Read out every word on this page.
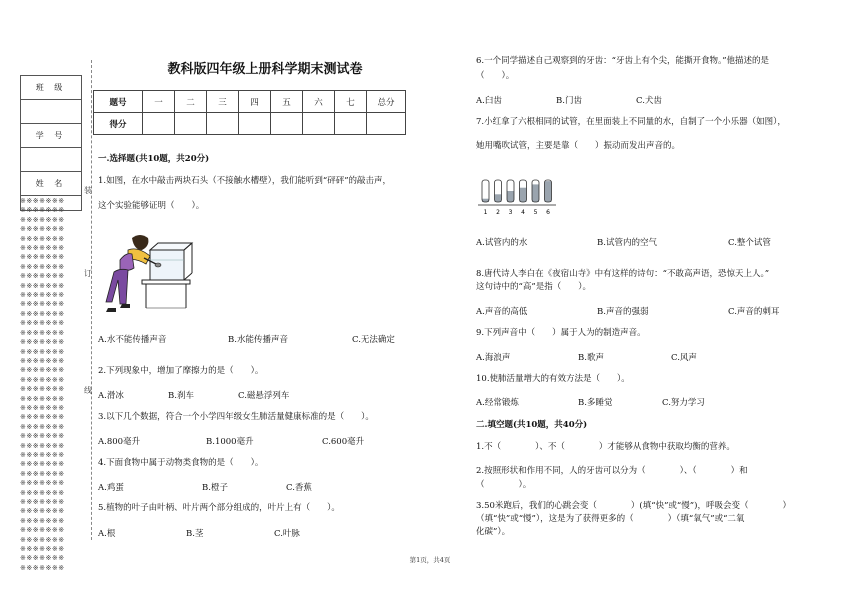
班 级

学 号

姓 名

※※※※※※※
※※※※※※※
※※※※※※※
※※※※※※※
※※※※※※※
※※※※※※※
※※※※※※※
※※※※※※※
※※※※※※※
※※※※※※※
※※※※※※※
※※※※※※※
※※※※※※※
※※※※※※※
※※※※※※※
※※※※※※※
※※※※※※※
※※※※※※※
※※※※※※※
※※※※※※※
※※※※※※※
※※※※※※※
※※※※※※※
※※※※※※※
※※※※※※※
※※※※※※※
※※※※※※※
※※※※※※※
※※※※※※※
※※※※※※※
※※※※※※※
※※※※※※※
※※※※※※※
※※※※※※※
※※※※※※※
※※※※※※※
※※※※※※※
※※※※※※※
※※※※※※※
※※※※※※※

装
订
线
教科版四年级上册科学期末测试卷
题号	一	二	三	四	五	六	七	总分
得分								
一.选择题(共10题，共20分)
1.如图，在水中敲击两块石头（不接触水槽壁），我们能听到“砰砰”的敲击声，
这个实验能够证明（　　）。
A.水不能传播声音	B.水能传播声音	C.无法确定
2.下列现象中，增加了摩擦力的是（　　）。
A.滑冰	B.刹车	C.磁悬浮列车
3.以下几个数据，符合一个小学四年级女生肺活量健康标准的是（　　）。
A.800毫升	B.1000毫升	C.600毫升
4.下面食物中属于动物类食物的是（　　）。
A.鸡蛋	B.橙子	C.香蕉
5.植物的叶子由叶柄、叶片两个部分组成的，叶片上有（　　）。
A.根	B.茎	C.叶脉
6.一个同学描述自己观察到的牙齿：“牙齿上有个尖，能撕开食物。”他描述的是
（　　）。
A.臼齿	B.门齿	C.犬齿
7.小红拿了六根相同的试管，在里面装上不同量的水，自制了一个小乐器（如图），
她用嘴吹试管，主要是靠（　　）振动而发出声音的。
1 2 3 4 5 6
A.试管内的水	B.试管内的空气	C.整个试管
8.唐代诗人李白在《夜宿山寺》中有这样的诗句：“不敢高声语，恐惊天上人。”
这句诗中的“高”是指（　　）。
A.声音的高低	B.声音的强弱	C.声音的刺耳
9.下列声音中（　　）属于人为的制造声音。
A.海浪声	B.歌声	C.风声
10.使肺活量增大的有效方法是（　　）。
A.经常锻炼	B.多睡觉	C.努力学习
二.填空题(共10题，共40分)
1.不（　　　　）、不（　　　　）才能够从食物中获取均衡的营养。
2.按照形状和作用不同，人的牙齿可以分为（　　　　）、（　　　　）和
（　　　　）。
3.50米跑后，我们的心跳会变（　　　　）(填“快”或“慢”)，呼吸会变（　　　　）
（填“快”或“慢”），这是为了获得更多的（　　　　）（填“氧气”或“二氧
化碳”）。
第1页，共4页
